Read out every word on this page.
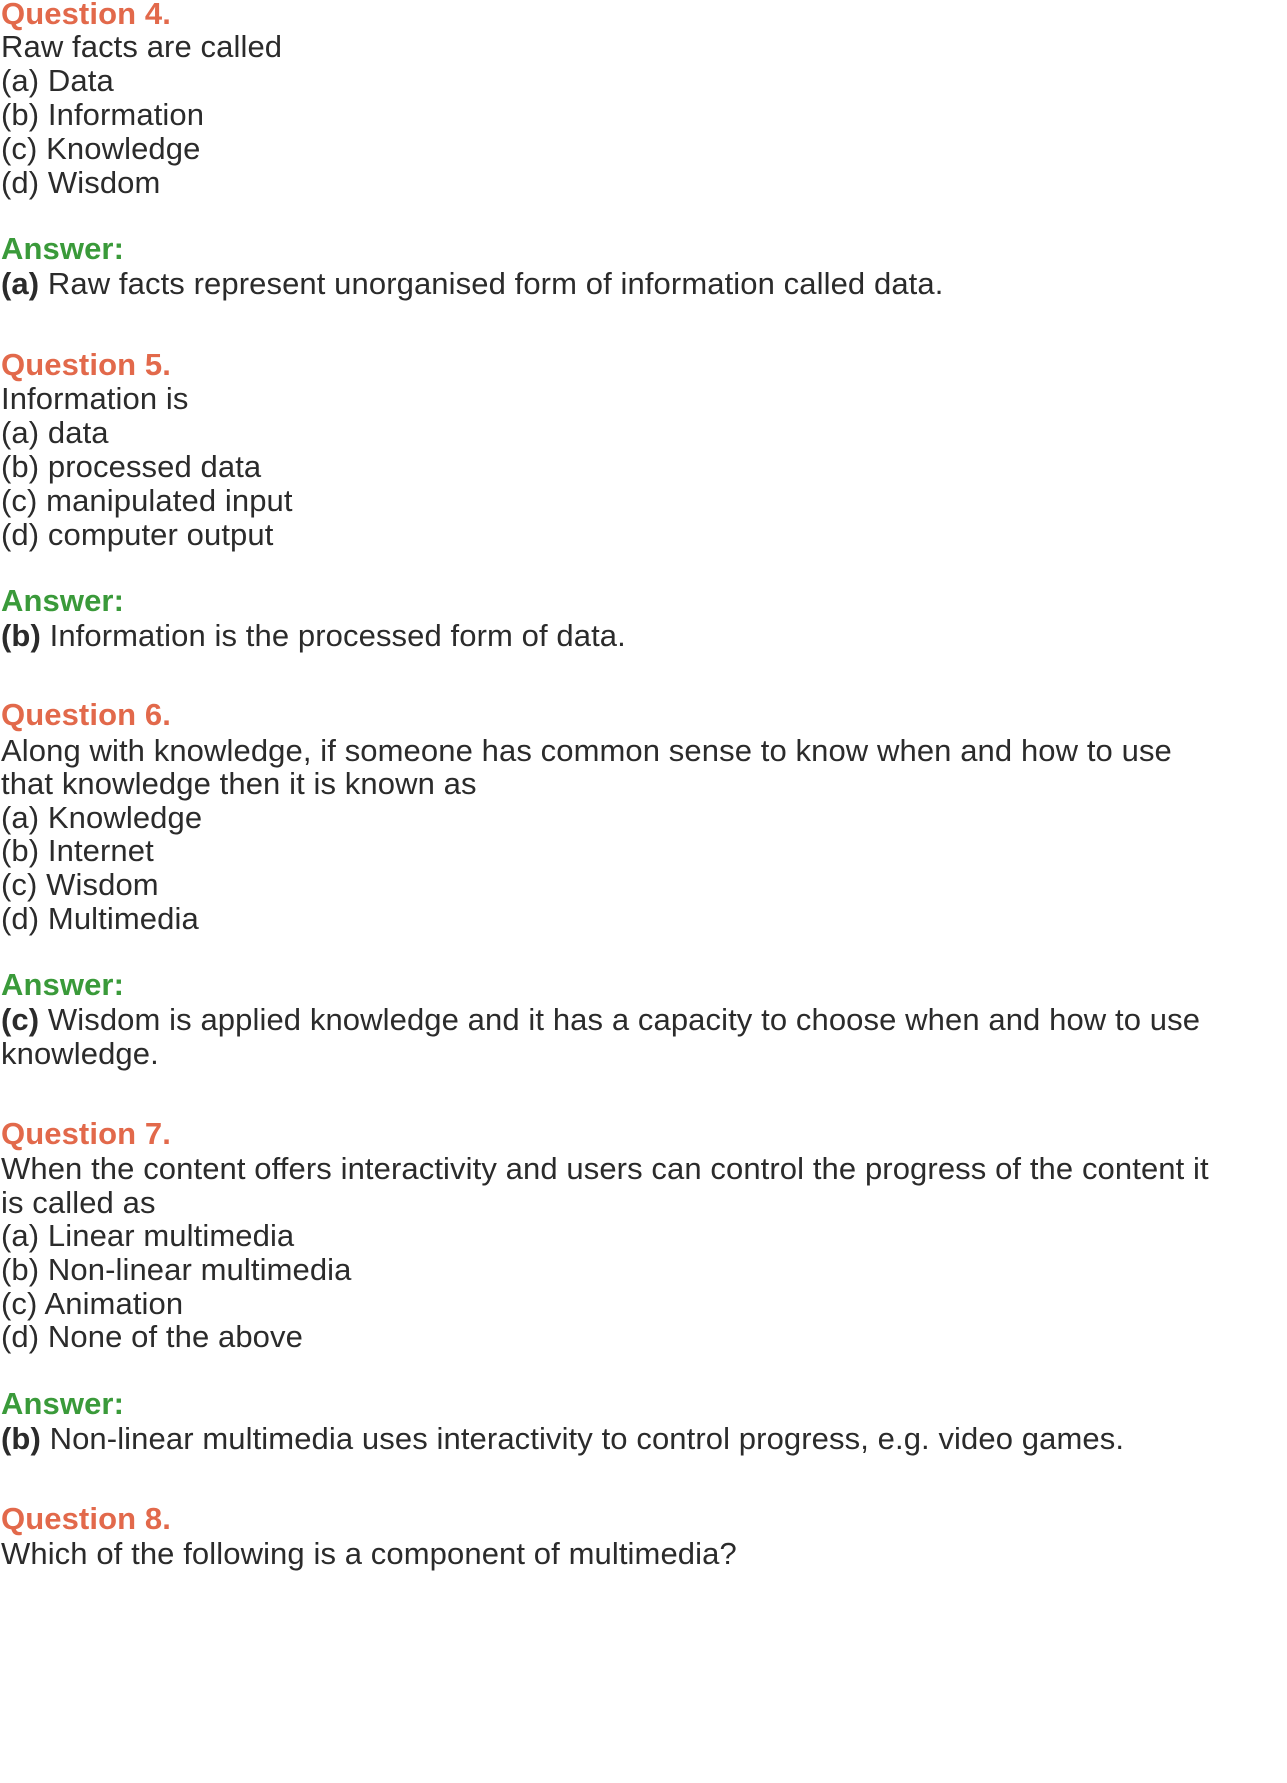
Question 4.
Raw facts are called
(a) Data
(b) Information
(c) Knowledge
(d) Wisdom
Answer:
(a) Raw facts represent unorganised form of information called data.
Question 5.
Information is
(a) data
(b) processed data
(c) manipulated input
(d) computer output
Answer:
(b) Information is the processed form of data.
Question 6.
Along with knowledge, if someone has common sense to know when and how to use
that knowledge then it is known as
(a) Knowledge
(b) Internet
(c) Wisdom
(d) Multimedia
Answer:
(c) Wisdom is applied knowledge and it has a capacity to choose when and how to use
knowledge.
Question 7.
When the content offers interactivity and users can control the progress of the content it
is called as
(a) Linear multimedia
(b) Non-linear multimedia
(c) Animation
(d) None of the above
Answer:
(b) Non-linear multimedia uses interactivity to control progress, e.g. video games.
Question 8.
Which of the following is a component of multimedia?
